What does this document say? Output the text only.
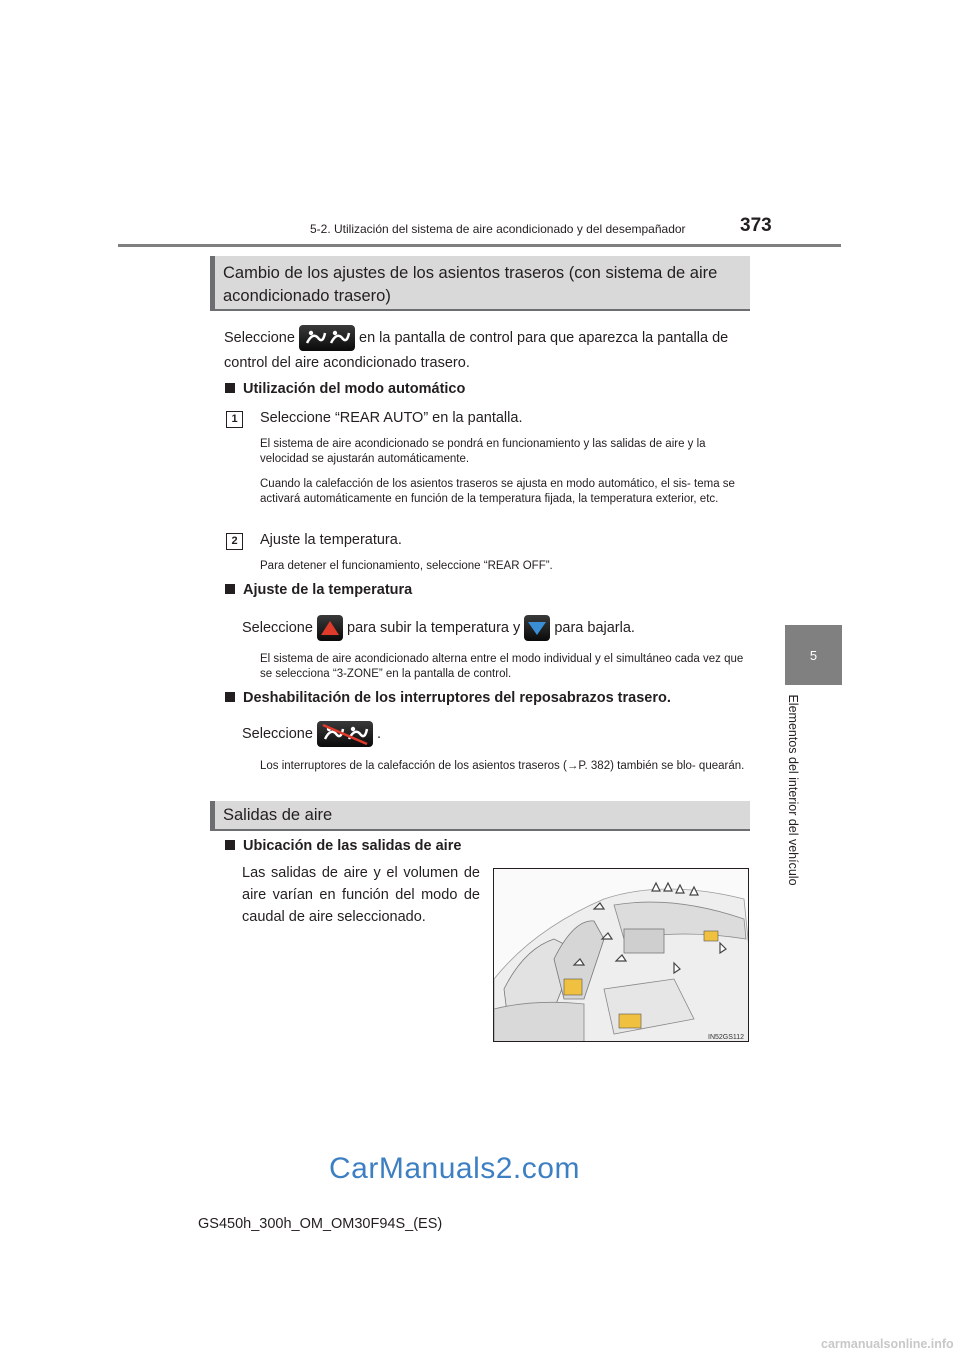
5-2. Utilización del sistema de aire acondicionado y del desempañador	373
5
Elementos del interior del vehículo
Cambio de los ajustes de los asientos traseros (con sistema de aire acondicionado trasero)
Seleccione	en la pantalla de control para que aparezca la pantalla de control del aire acondicionado trasero.
Utilización del modo automático
1	Seleccione “REAR AUTO” en la pantalla.
El sistema de aire acondicionado se pondrá en funcionamiento y las salidas de aire y la velocidad se ajustarán automáticamente.
Cuando la calefacción de los asientos traseros se ajusta en modo automático, el sis- tema se activará automáticamente en función de la temperatura fijada, la temperatura exterior, etc.
2	Ajuste la temperatura.
Para detener el funcionamiento, seleccione “REAR OFF”.
Ajuste de la temperatura
Seleccione para subir la temperatura y para bajarla.
El sistema de aire acondicionado alterna entre el modo individual y el simultáneo cada vez que se selecciona “3-ZONE” en la pantalla de control.
Deshabilitación de los interruptores del reposabrazos trasero.
Seleccione	.
Los interruptores de la calefacción de los asientos traseros (→P. 382) también se blo- quearán.
Salidas de aire
Ubicación de las salidas de aire
Las salidas de aire y el volumen de aire varían en función del modo de caudal de aire seleccionado.
IN52GS112
GS450h_300h_OM_OM30F94S_(ES)
CarManuals2.com
carmanualsonline.info
